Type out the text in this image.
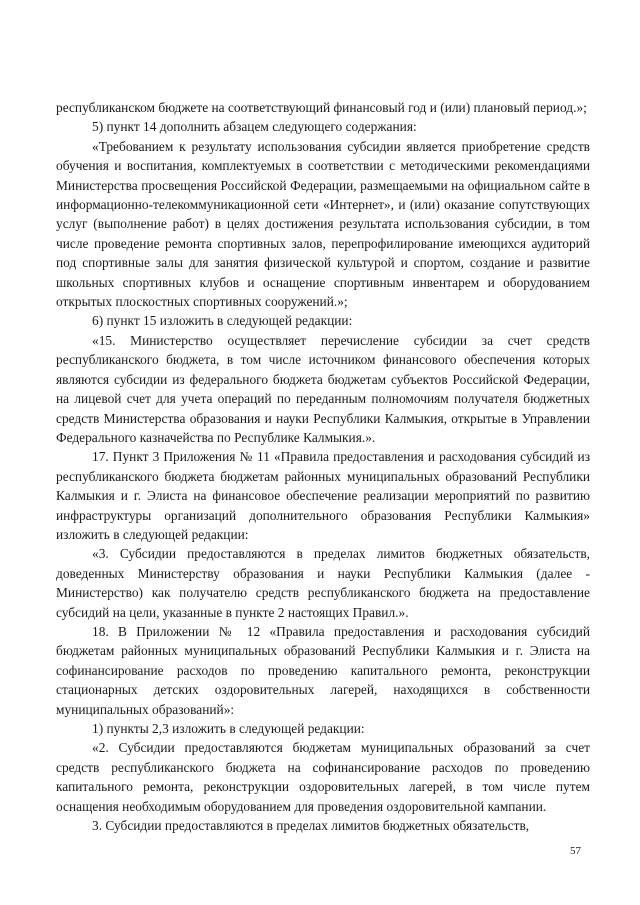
республиканском бюджете на соответствующий финансовый год и (или) плановый период.»;

5) пункт 14 дополнить абзацем следующего содержания:

«Требованием к результату использования субсидии является приобретение средств обучения и воспитания, комплектуемых в соответствии с методическими рекомендациями Министерства просвещения Российской Федерации, размещаемыми на официальном сайте в информационно-телекоммуникационной сети «Интернет», и (или) оказание сопутствующих услуг (выполнение работ) в целях достижения результата использования субсидии, в том числе проведение ремонта спортивных залов, перепрофилирование имеющихся аудиторий под спортивные залы для занятия физической культурой и спортом, создание и развитие школьных спортивных клубов и оснащение спортивным инвентарем и оборудованием открытых плоскостных спортивных сооружений.»;

6) пункт 15 изложить в следующей редакции:

«15. Министерство осуществляет перечисление субсидии за счет средств республиканского бюджета, в том числе источником финансового обеспечения которых являются субсидии из федерального бюджета бюджетам субъектов Российской Федерации, на лицевой счет для учета операций по переданным полномочиям получателя бюджетных средств Министерства образования и науки Республики Калмыкия, открытые в Управлении Федерального казначейства по Республике Калмыкия.».

17. Пункт 3 Приложения № 11 «Правила предоставления и расходования субсидий из республиканского бюджета бюджетам районных муниципальных образований Республики Калмыкия и г. Элиста на финансовое обеспечение реализации мероприятий по развитию инфраструктуры организаций дополнительного образования Республики Калмыкия» изложить в следующей редакции:

«3. Субсидии предоставляются в пределах лимитов бюджетных обязательств, доведенных Министерству образования и науки Республики Калмыкия (далее - Министерство) как получателю средств республиканского бюджета на предоставление субсидий на цели, указанные в пункте 2 настоящих Правил.».

18. В Приложении № 12 «Правила предоставления и расходования субсидий бюджетам районных муниципальных образований Республики Калмыкия и г. Элиста на софинансирование расходов по проведению капитального ремонта, реконструкции стационарных детских оздоровительных лагерей, находящихся в собственности муниципальных образований»:

1) пункты 2,3 изложить в следующей редакции:

«2. Субсидии предоставляются бюджетам муниципальных образований за счет средств республиканского бюджета на софинансирование расходов по проведению капитального ремонта, реконструкции оздоровительных лагерей, в том числе путем оснащения необходимым оборудованием для проведения оздоровительной кампании.

3. Субсидии предоставляются в пределах лимитов бюджетных обязательств,

57
